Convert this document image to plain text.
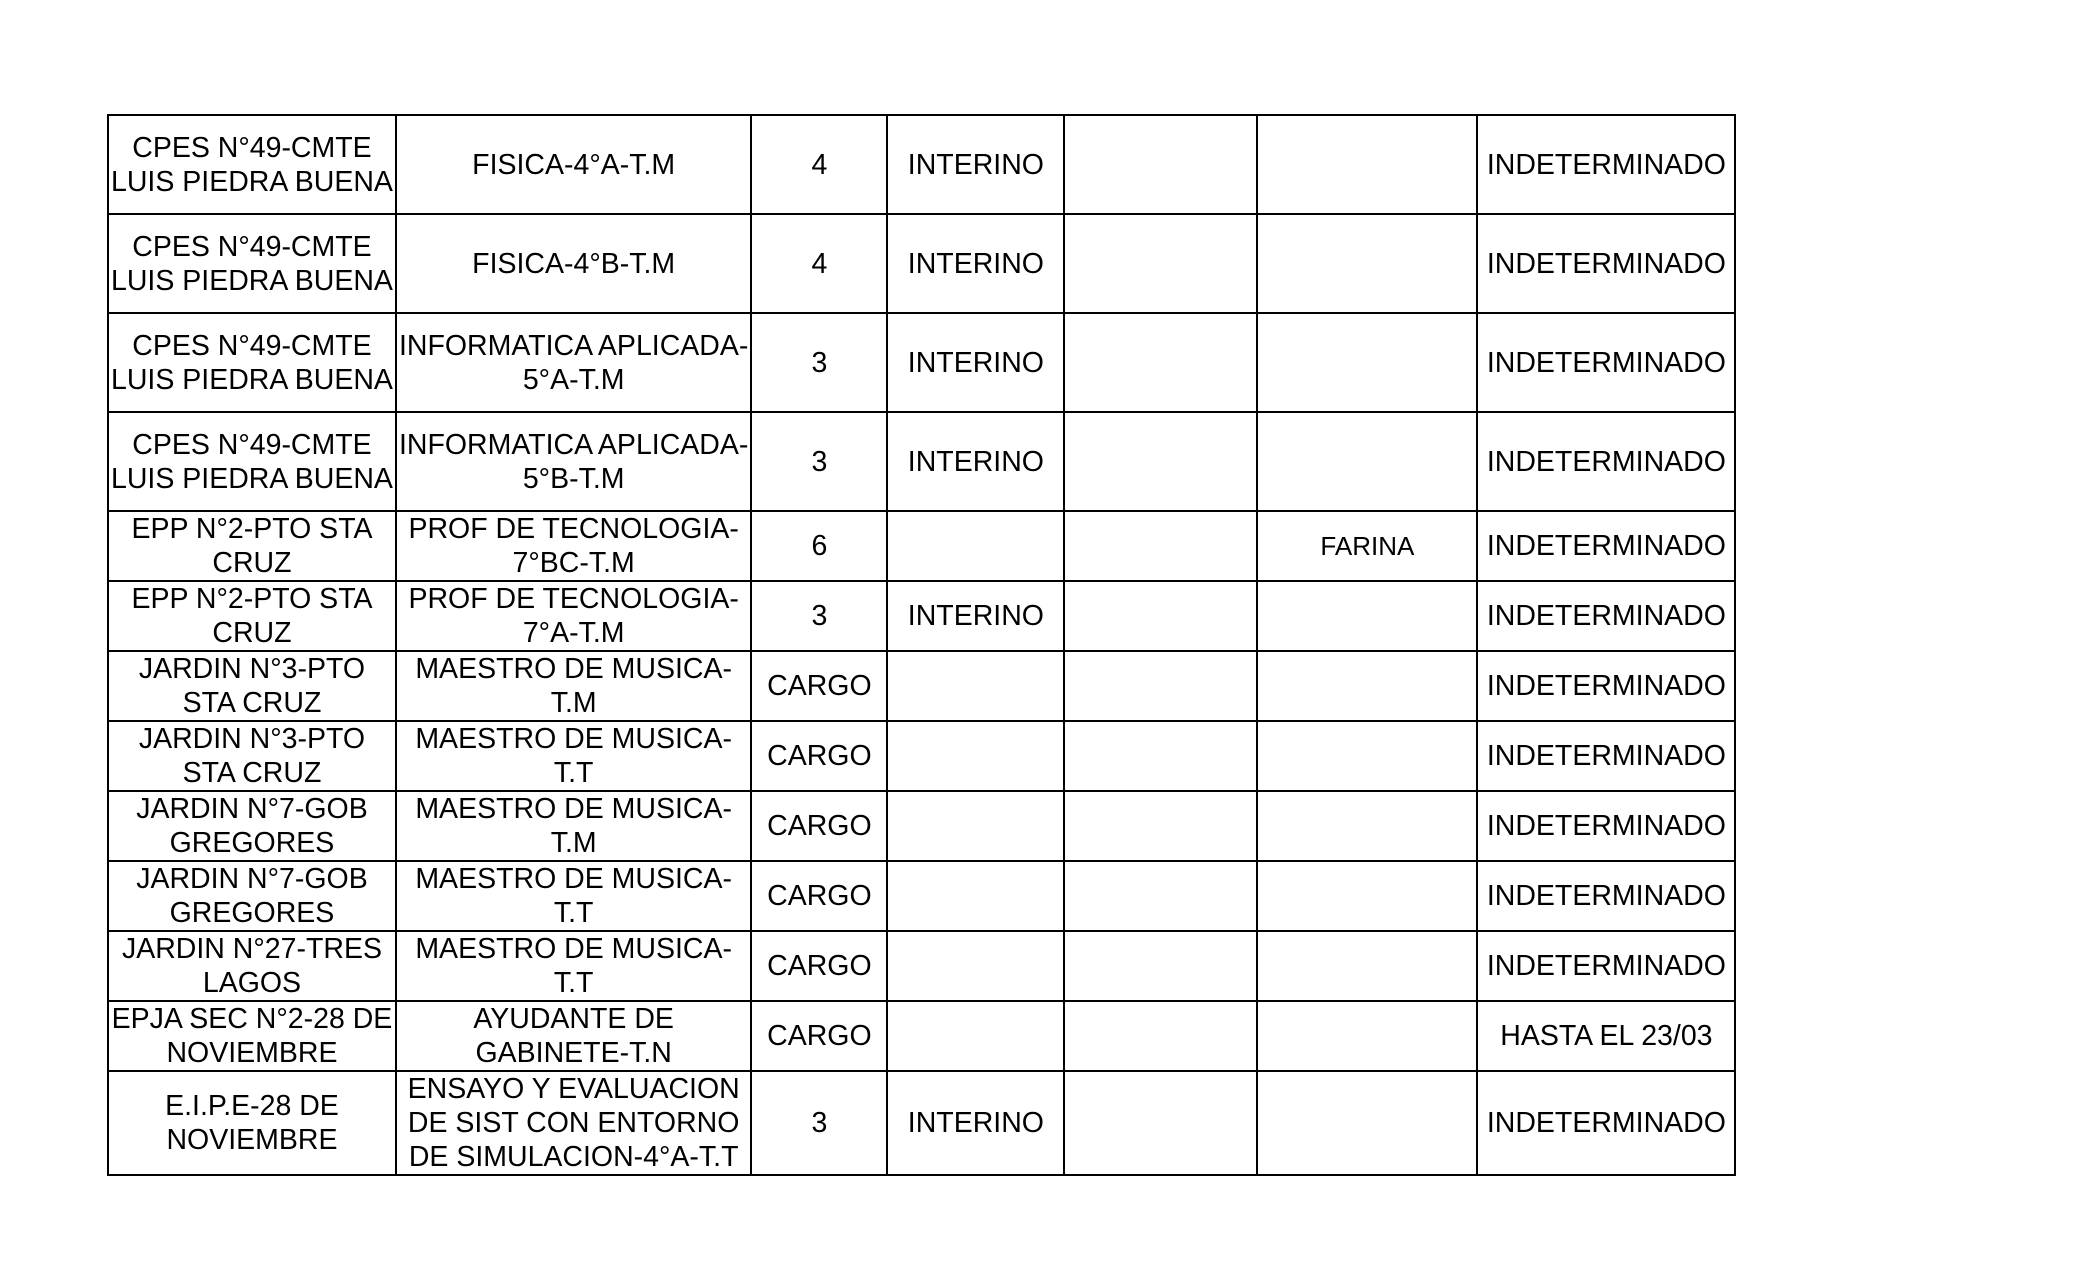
CPES N°49-CMTE
LUIS PIEDRA BUENA	FISICA-4°A-T.M	4	INTERINO			INDETERMINADO

CPES N°49-CMTE
LUIS PIEDRA BUENA	FISICA-4°B-T.M	4	INTERINO			INDETERMINADO

CPES N°49-CMTE
LUIS PIEDRA BUENA	INFORMATICA APLICADA-
5°A-T.M	3	INTERINO			INDETERMINADO

CPES N°49-CMTE
LUIS PIEDRA BUENA	INFORMATICA APLICADA-
5°B-T.M	3	INTERINO			INDETERMINADO

EPP N°2-PTO STA
CRUZ	PROF DE TECNOLOGIA-
7°BC-T.M	6			FARINA	INDETERMINADO

EPP N°2-PTO STA
CRUZ	PROF DE TECNOLOGIA-
7°A-T.M	3	INTERINO			INDETERMINADO

JARDIN N°3-PTO
STA CRUZ	MAESTRO DE MUSICA-
T.M	CARGO				INDETERMINADO

JARDIN N°3-PTO
STA CRUZ	MAESTRO DE MUSICA-
T.T	CARGO				INDETERMINADO

JARDIN N°7-GOB
GREGORES	MAESTRO DE MUSICA-
T.M	CARGO				INDETERMINADO

JARDIN N°7-GOB
GREGORES	MAESTRO DE MUSICA-
T.T	CARGO				INDETERMINADO

JARDIN N°27-TRES
LAGOS	MAESTRO DE MUSICA-
T.T	CARGO				INDETERMINADO

EPJA SEC N°2-28 DE
NOVIEMBRE	AYUDANTE DE
GABINETE-T.N	CARGO				HASTA EL 23/03

E.I.P.E-28 DE
NOVIEMBRE	ENSAYO Y EVALUACION
DE SIST CON ENTORNO
DE SIMULACION-4°A-T.T	3	INTERINO			INDETERMINADO
